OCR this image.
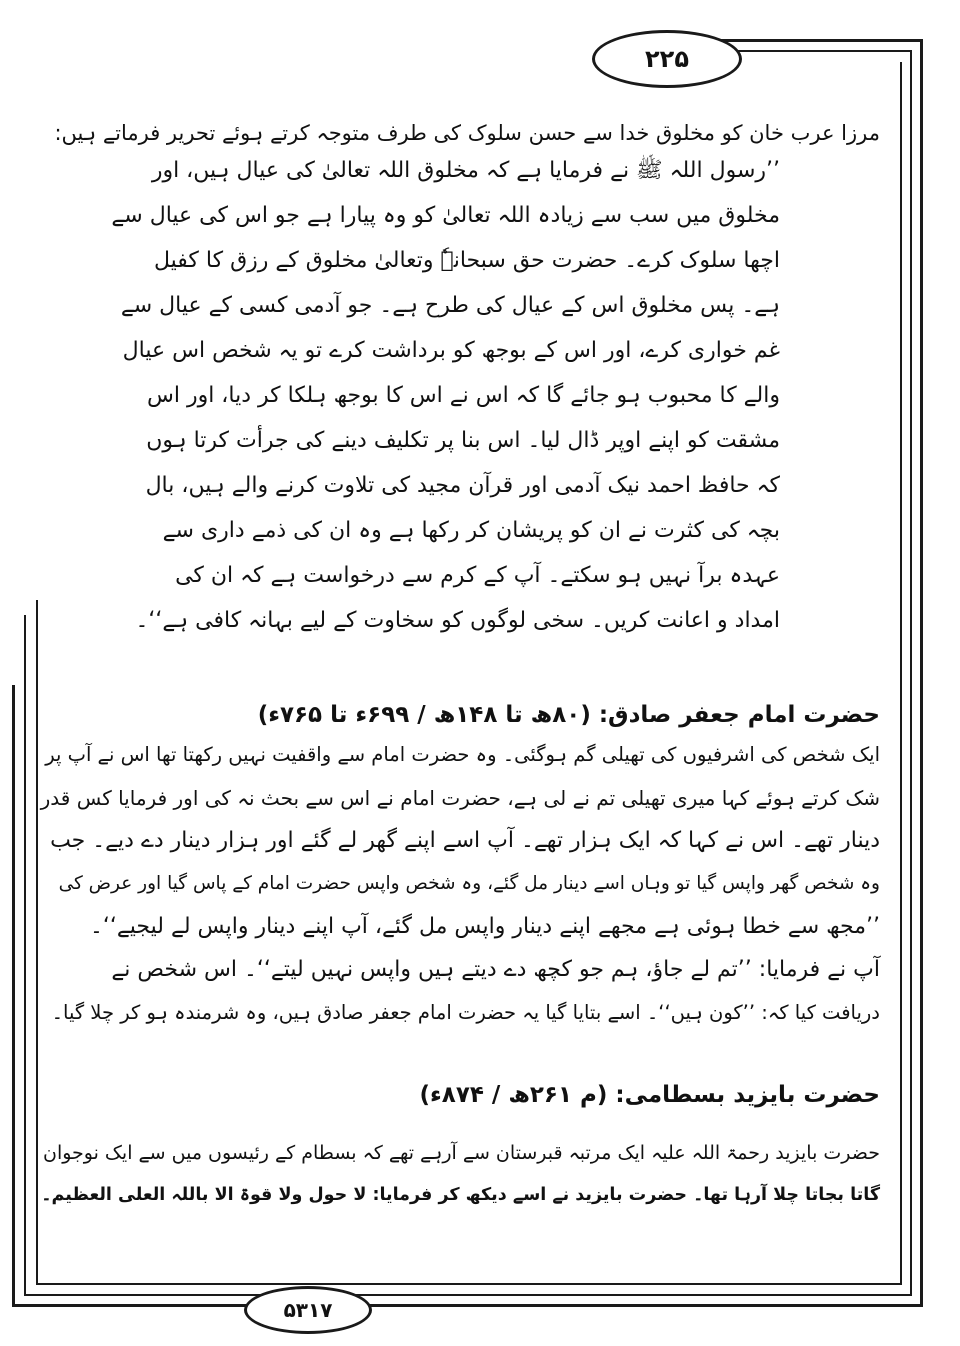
۲۲۵
۵۳۱۷
مرزا عرب خان کو مخلوق خدا سے حسن سلوک کی طرف متوجہ کرتے ہوئے تحریر فرماتے ہیں:
’’رسول اللہ ﷺ نے فرمایا ہے کہ مخلوق اللہ تعالیٰ کی عیال ہیں، اور
مخلوق میں سب سے زیادہ اللہ تعالیٰ کو وہ پیارا ہے جو اس کی عیال سے
اچھا سلوک کرے۔ حضرت حق سبحانہٗ وتعالیٰ مخلوق کے رزق کا کفیل
ہے۔ پس مخلوق اس کے عیال کی طرح ہے۔ جو آدمی کسی کے عیال سے
غم خواری کرے، اور اس کے بوجھ کو برداشت کرے تو یہ شخص اس عیال
والے کا محبوب ہو جائے گا کہ اس نے اس کا بوجھ ہلکا کر دیا، اور اس
مشقت کو اپنے اوپر ڈال لیا۔ اس بنا پر تکلیف دینے کی جرأت کرتا ہوں
کہ حافظ احمد نیک آدمی اور قرآن مجید کی تلاوت کرنے والے ہیں، بال
بچہ کی کثرت نے ان کو پریشان کر رکھا ہے وہ ان کی ذمے داری سے
عہدہ برآ نہیں ہو سکتے۔ آپ کے کرم سے درخواست ہے کہ ان کی
امداد و اعانت کریں۔ سخی لوگوں کو سخاوت کے لیے بہانہ کافی ہے‘‘۔
حضرت امام جعفر صادق: (۸۰ھ تا ۱۴۸ھ / ۶۹۹ء تا ۷۶۵ء)
ایک شخص کی اشرفیوں کی تھیلی گم ہوگئی۔ وہ حضرت امام سے واقفیت نہیں رکھتا تھا اس نے آپ پر
شک کرتے ہوئے کہا میری تھیلی تم نے لی ہے، حضرت امام نے اس سے بحث نہ کی اور فرمایا کس قدر
دینار تھے۔ اس نے کہا کہ ایک ہزار تھے۔ آپ اسے اپنے گھر لے گئے اور ہزار دینار دے دیے۔ جب
وہ شخص گھر واپس گیا تو وہاں اسے دینار مل گئے، وہ شخص واپس حضرت امام کے پاس گیا اور عرض کی
’’مجھ سے خطا ہوئی ہے مجھے اپنے دینار واپس مل گئے، آپ اپنے دینار واپس لے لیجیے‘‘۔
آپ نے فرمایا: ’’تم لے جاؤ، ہم جو کچھ دے دیتے ہیں واپس نہیں لیتے‘‘۔ اس شخص نے
دریافت کیا کہ: ’’کون ہیں‘‘۔ اسے بتایا گیا یہ حضرت امام جعفر صادق ہیں، وہ شرمندہ ہو کر چلا گیا۔
حضرت بایزید بسطامی: (م ۲۶۱ھ / ۸۷۴ء)
حضرت بایزید رحمۃ اللہ علیہ ایک مرتبہ قبرستان سے آرہے تھے کہ بسطام کے رئیسوں میں سے ایک نوجوان
گاتا بجاتا چلا آرہا تھا۔ حضرت بایزید نے اسے دیکھ کر فرمایا: لا حول ولا قوۃ الا باللہ العلی العظیم۔
